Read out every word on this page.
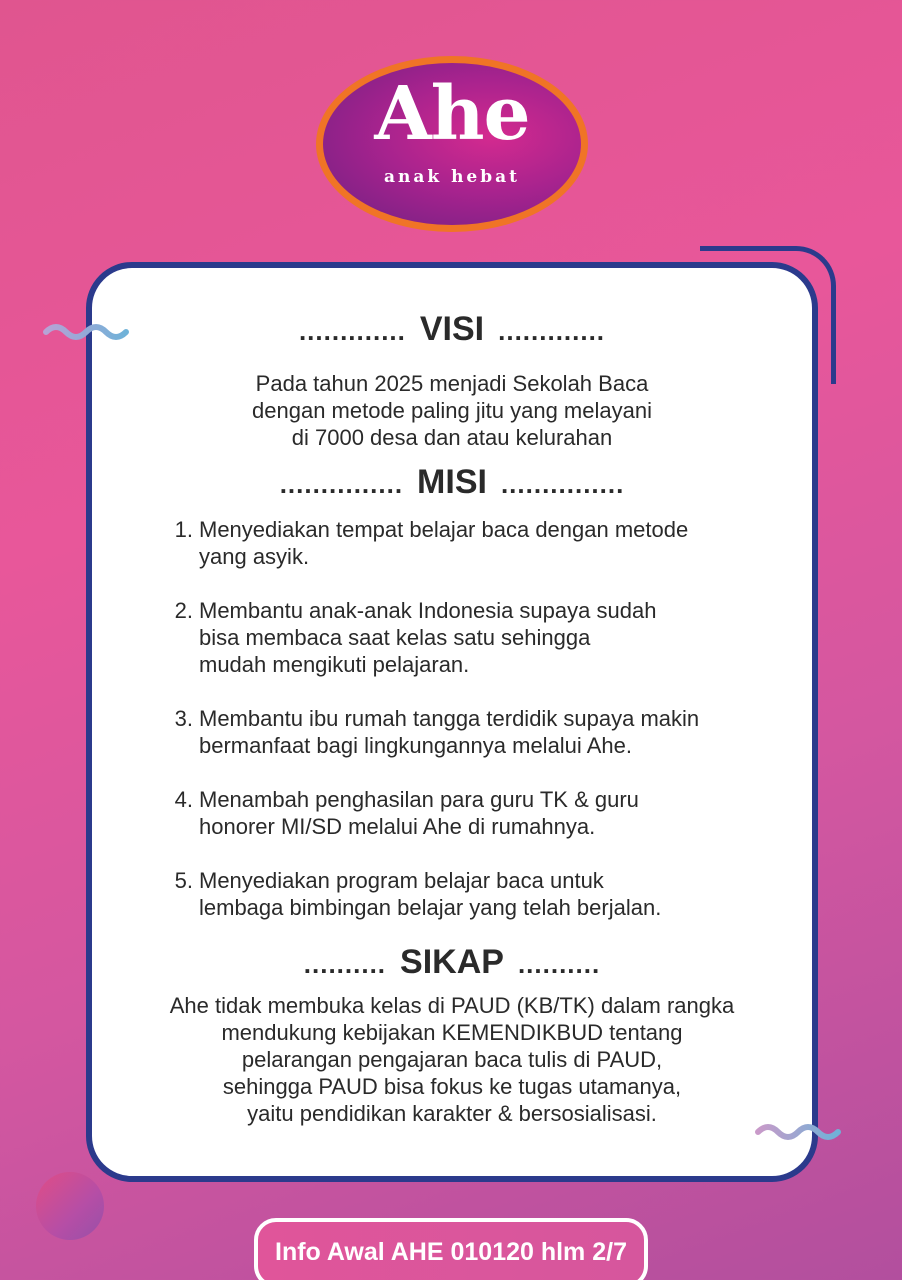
Ahe
anak hebat
............. VISI .............
Pada tahun 2025 menjadi Sekolah Baca
dengan metode paling jitu yang melayani
di 7000 desa dan atau kelurahan
............... MISI ...............
1. Menyediakan tempat belajar baca dengan metode
yang asyik.
2. Membantu anak-anak Indonesia supaya sudah
bisa membaca saat kelas satu sehingga
mudah mengikuti pelajaran.
3. Membantu ibu rumah tangga terdidik supaya makin
bermanfaat bagi lingkungannya melalui Ahe.
4. Menambah penghasilan para guru TK & guru
honorer MI/SD melalui Ahe di rumahnya.
5. Menyediakan program belajar baca untuk
lembaga bimbingan belajar yang telah berjalan.
.......... SIKAP ..........
Ahe tidak membuka kelas di PAUD (KB/TK) dalam rangka
mendukung kebijakan KEMENDIKBUD tentang
pelarangan pengajaran baca tulis di PAUD,
sehingga PAUD bisa fokus ke tugas utamanya,
yaitu pendidikan karakter & bersosialisasi.
Info Awal AHE 010120 hlm 2/7
